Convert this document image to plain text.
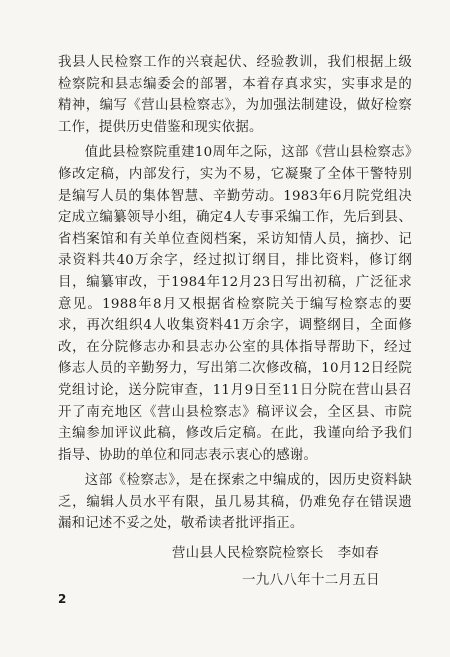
我县人民检察工作的兴衰起伏、经验教训，我们根据上级检察院和县志编委会的部署，本着存真求实，实事求是的精神，编写《营山县检察志》，为加强法制建设，做好检察工作，提供历史借鉴和现实依据。

值此县检察院重建10周年之际，这部《营山县检察志》修改定稿，内部发行，实为不易，它凝聚了全体干警特别是编写人员的集体智慧、辛勤劳动。1983年6月院党组决定成立编纂领导小组，确定4人专事采编工作，先后到县、省档案馆和有关单位查阅档案，采访知情人员，摘抄、记录资料共40万余字，经过拟订纲目，排比资料，修订纲目，编纂审改，于1984年12月23日写出初稿，广泛征求意见。1988年8月又根据省检察院关于编写检察志的要求，再次组织4人收集资料41万余字，调整纲目，全面修改，在分院修志办和县志办公室的具体指导帮助下，经过修志人员的辛勤努力，写出第二次修改稿，10月12日经院党组讨论，送分院审查，11月9日至11日分院在营山县召开了南充地区《营山县检察志》稿评议会，全区县、市院主编参加评议此稿，修改后定稿。在此，我谨向给予我们指导、协助的单位和同志表示衷心的感谢。

这部《检察志》，是在探索之中编成的，因历史资料缺乏，编辑人员水平有限，虽几易其稿，仍难免存在错误遗漏和记述不妥之处，敬希读者批评指正。

营山县人民检察院检察长 李如春
一九八八年十二月五日
2
